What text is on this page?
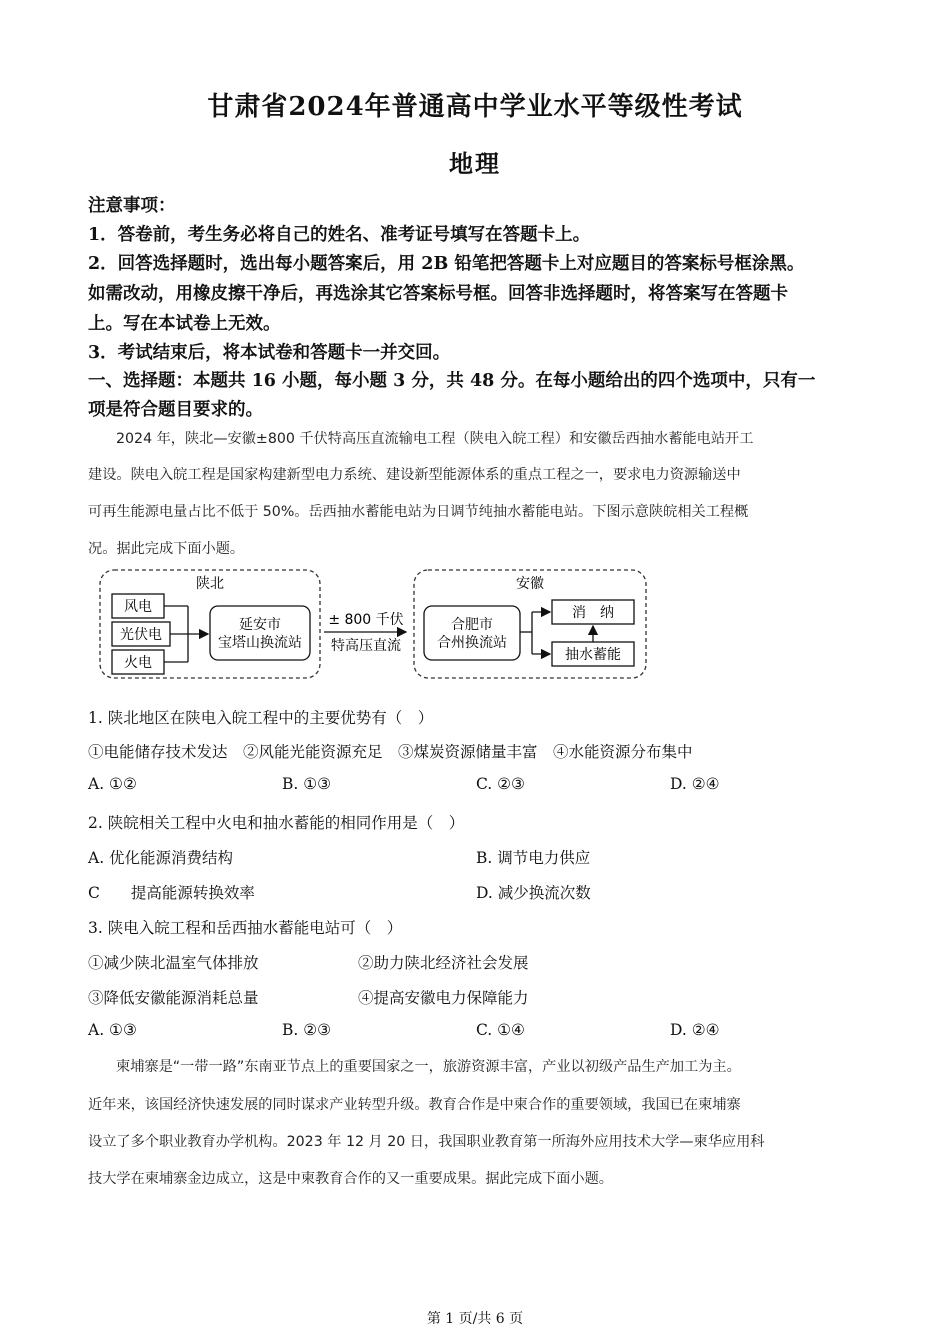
甘肃省2024年普通高中学业水平等级性考试
地理
注意事项：
1．答卷前，考生务必将自己的姓名、准考证号填写在答题卡上。
2．回答选择题时，选出每小题答案后，用 2B 铅笔把答题卡上对应题目的答案标号框涂黑。
如需改动，用橡皮擦干净后，再选涂其它答案标号框。回答非选择题时，将答案写在答题卡
上。写在本试卷上无效。
3．考试结束后，将本试卷和答题卡一并交回。
一、选择题：本题共 16 小题，每小题 3 分，共 48 分。在每小题给出的四个选项中，只有一
项是符合题目要求的。
2024 年，陕北—安徽±800 千伏特高压直流输电工程（陕电入皖工程）和安徽岳西抽水蓄能电站开工
建设。陕电入皖工程是国家构建新型电力系统、建设新型能源体系的重点工程之一，要求电力资源输送中
可再生能源电量占比不低于 50%。岳西抽水蓄能电站为日调节纯抽水蓄能电站。下图示意陕皖相关工程概
况。据此完成下面小题。
陕北
风电
光伏电
火电
延安市
宝塔山换流站
± 800 千伏
特高压直流
安徽
合肥市
合州换流站
消　纳
抽水蓄能
1. 陕北地区在陕电入皖工程中的主要优势有（　）
①电能储存技术发达　②风能光能资源充足　③煤炭资源储量丰富　④水能资源分布集中
A. ①②	B. ①③	C. ②③	D. ②④
2. 陕皖相关工程中火电和抽水蓄能的相同作用是（　）
A. 优化能源消费结构	B. 调节电力供应
C　　提高能源转换效率	D. 减少换流次数
3. 陕电入皖工程和岳西抽水蓄能电站可（　）
①减少陕北温室气体排放	②助力陕北经济社会发展
③降低安徽能源消耗总量	④提高安徽电力保障能力
A. ①③	B. ②③	C. ①④	D. ②④
柬埔寨是“一带一路”东南亚节点上的重要国家之一，旅游资源丰富，产业以初级产品生产加工为主。
近年来，该国经济快速发展的同时谋求产业转型升级。教育合作是中柬合作的重要领域，我国已在柬埔寨
设立了多个职业教育办学机构。2023 年 12 月 20 日，我国职业教育第一所海外应用技术大学—柬华应用科
技大学在柬埔寨金边成立，这是中柬教育合作的又一重要成果。据此完成下面小题。
第 1 页/共 6 页
